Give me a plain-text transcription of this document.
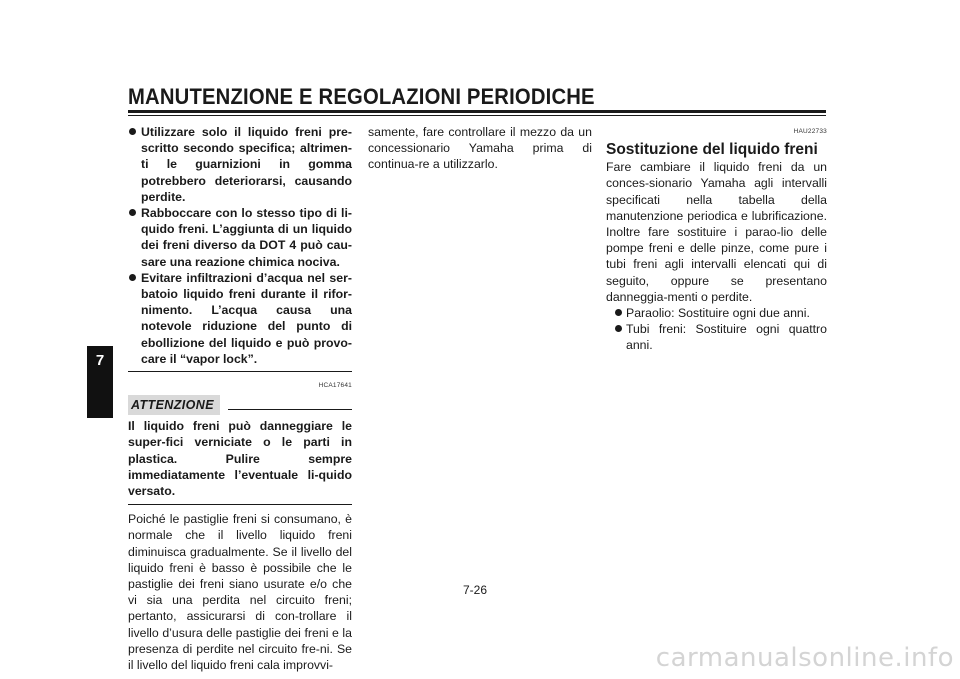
MANUTENZIONE E REGOLAZIONI PERIODICHE
7
Utilizzare solo il liquido freni pre-scritto secondo specifica; altrimen-ti le guarnizioni in gomma potrebbero deteriorarsi, causando perdite.
Rabboccare con lo stesso tipo di li-quido freni. L’aggiunta di un liquido dei freni diverso da DOT 4 può cau-sare una reazione chimica nociva.
Evitare infiltrazioni d’acqua nel ser-batoio liquido freni durante il rifor-nimento. L’acqua causa una notevole riduzione del punto di ebollizione del liquido e può provo-care il “vapor lock”.
HCA17641
ATTENZIONE
Il liquido freni può danneggiare le super-fici verniciate o le parti in plastica. Pulire sempre immediatamente l’eventuale li-quido versato.
Poiché le pastiglie freni si consumano, è normale che il livello liquido freni diminuisca gradualmente. Se il livello del liquido freni è basso è possibile che le pastiglie dei freni siano usurate e/o che vi sia una perdita nel circuito freni; pertanto, assicurarsi di con-trollare il livello d’usura delle pastiglie dei freni e la presenza di perdite nel circuito fre-ni. Se il livello del liquido freni cala improvvi-
samente, fare controllare il mezzo da un concessionario Yamaha prima di continua-re a utilizzarlo.
HAU22733
Sostituzione del liquido freni
Fare cambiare il liquido freni da un conces-sionario Yamaha agli intervalli specificati nella tabella della manutenzione periodica e lubrificazione. Inoltre fare sostituire i parao-lio delle pompe freni e delle pinze, come pure i tubi freni agli intervalli elencati qui di seguito, oppure se presentano danneggia-menti o perdite.
Paraolio: Sostituire ogni due anni.
Tubi freni: Sostituire ogni quattro anni.
7-26
carmanualsonline.info
